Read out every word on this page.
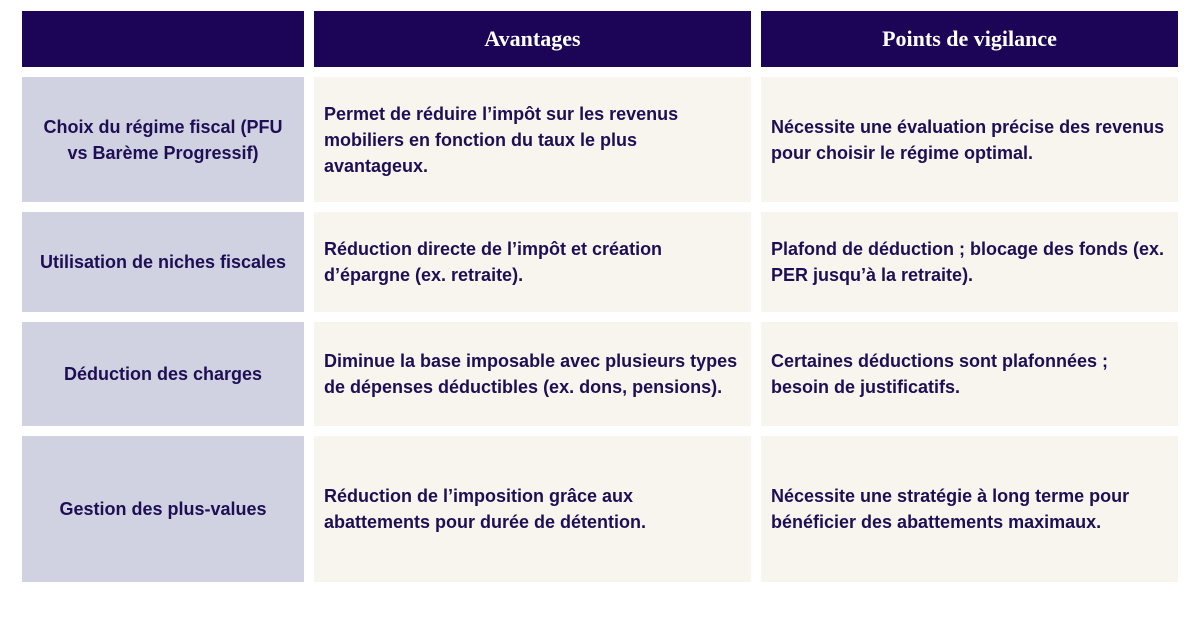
Avantages	Points de vigilance
Choix du régime fiscal (PFU vs Barème Progressif)
Permet de réduire l’impôt sur les revenus mobiliers en fonction du taux le plus avantageux.
Nécessite une évaluation précise des revenus pour choisir le régime optimal.
Utilisation de niches fiscales
Réduction directe de l’impôt et création d’épargne (ex. retraite).
Plafond de déduction ; blocage des fonds (ex. PER jusqu’à la retraite).
Déduction des charges
Diminue la base imposable avec plusieurs types de dépenses déductibles (ex. dons, pensions).
Certaines déductions sont plafonnées ; besoin de justificatifs.
Gestion des plus-values
Réduction de l’imposition grâce aux abattements pour durée de détention.
Nécessite une stratégie à long terme pour bénéficier des abattements maximaux.
